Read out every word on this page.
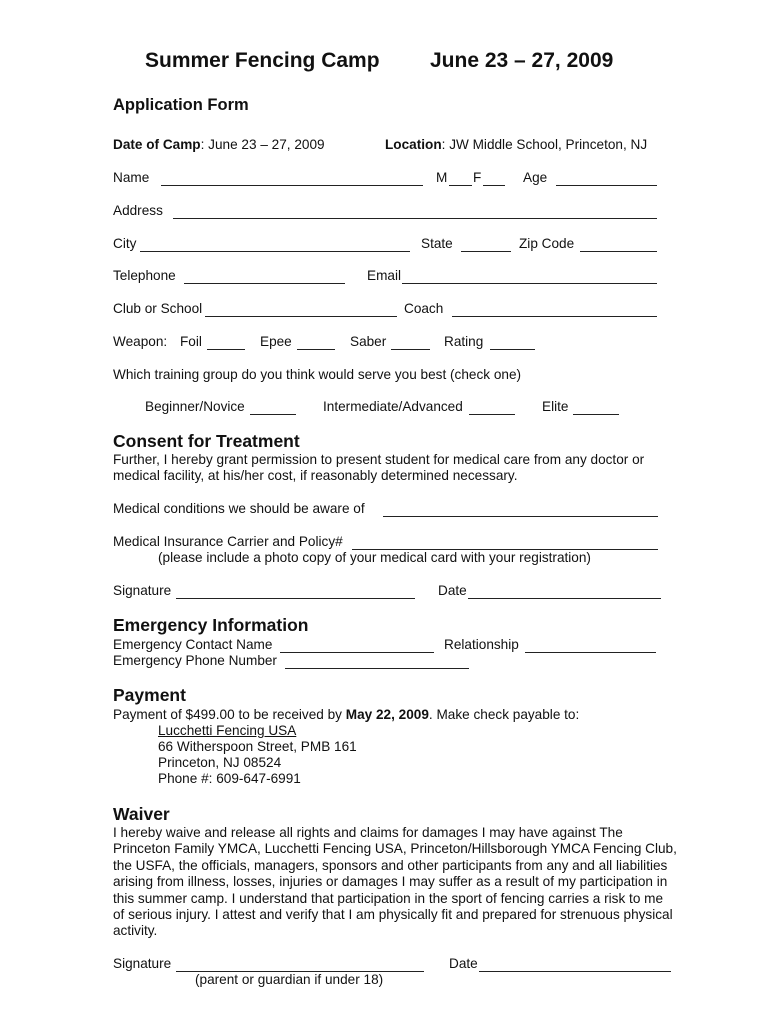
Summer Fencing Camp June 23 – 27, 2009
Application Form
Date of Camp: June 23 – 27, 2009	Location: JW Middle School, Princeton, NJ
Name	M F	Age
Address
City	State	Zip Code
Telephone	Email
Club or School	Coach
Weapon: Foil	Epee	Saber	Rating
Which training group do you think would serve you best (check one)
Beginner/Novice	Intermediate/Advanced	Elite
Consent for Treatment
Further, I hereby grant permission to present student for medical care from any doctor or
medical facility, at his/her cost, if reasonably determined necessary.
Medical conditions we should be aware of
Medical Insurance Carrier and Policy#
(please include a photo copy of your medical card with your registration)
Signature	Date
Emergency Information
Emergency Contact Name	Relationship
Emergency Phone Number
Payment
Payment of $499.00 to be received by May 22, 2009. Make check payable to:
Lucchetti Fencing USA
66 Witherspoon Street, PMB 161
Princeton, NJ 08524
Phone #: 609-647-6991
Waiver
I hereby waive and release all rights and claims for damages I may have against The
Princeton Family YMCA, Lucchetti Fencing USA, Princeton/Hillsborough YMCA Fencing Club,
the USFA, the officials, managers, sponsors and other participants from any and all liabilities
arising from illness, losses, injuries or damages I may suffer as a result of my participation in
this summer camp. I understand that participation in the sport of fencing carries a risk to me
of serious injury. I attest and verify that I am physically fit and prepared for strenuous physical
activity.
Signature	Date
(parent or guardian if under 18)
